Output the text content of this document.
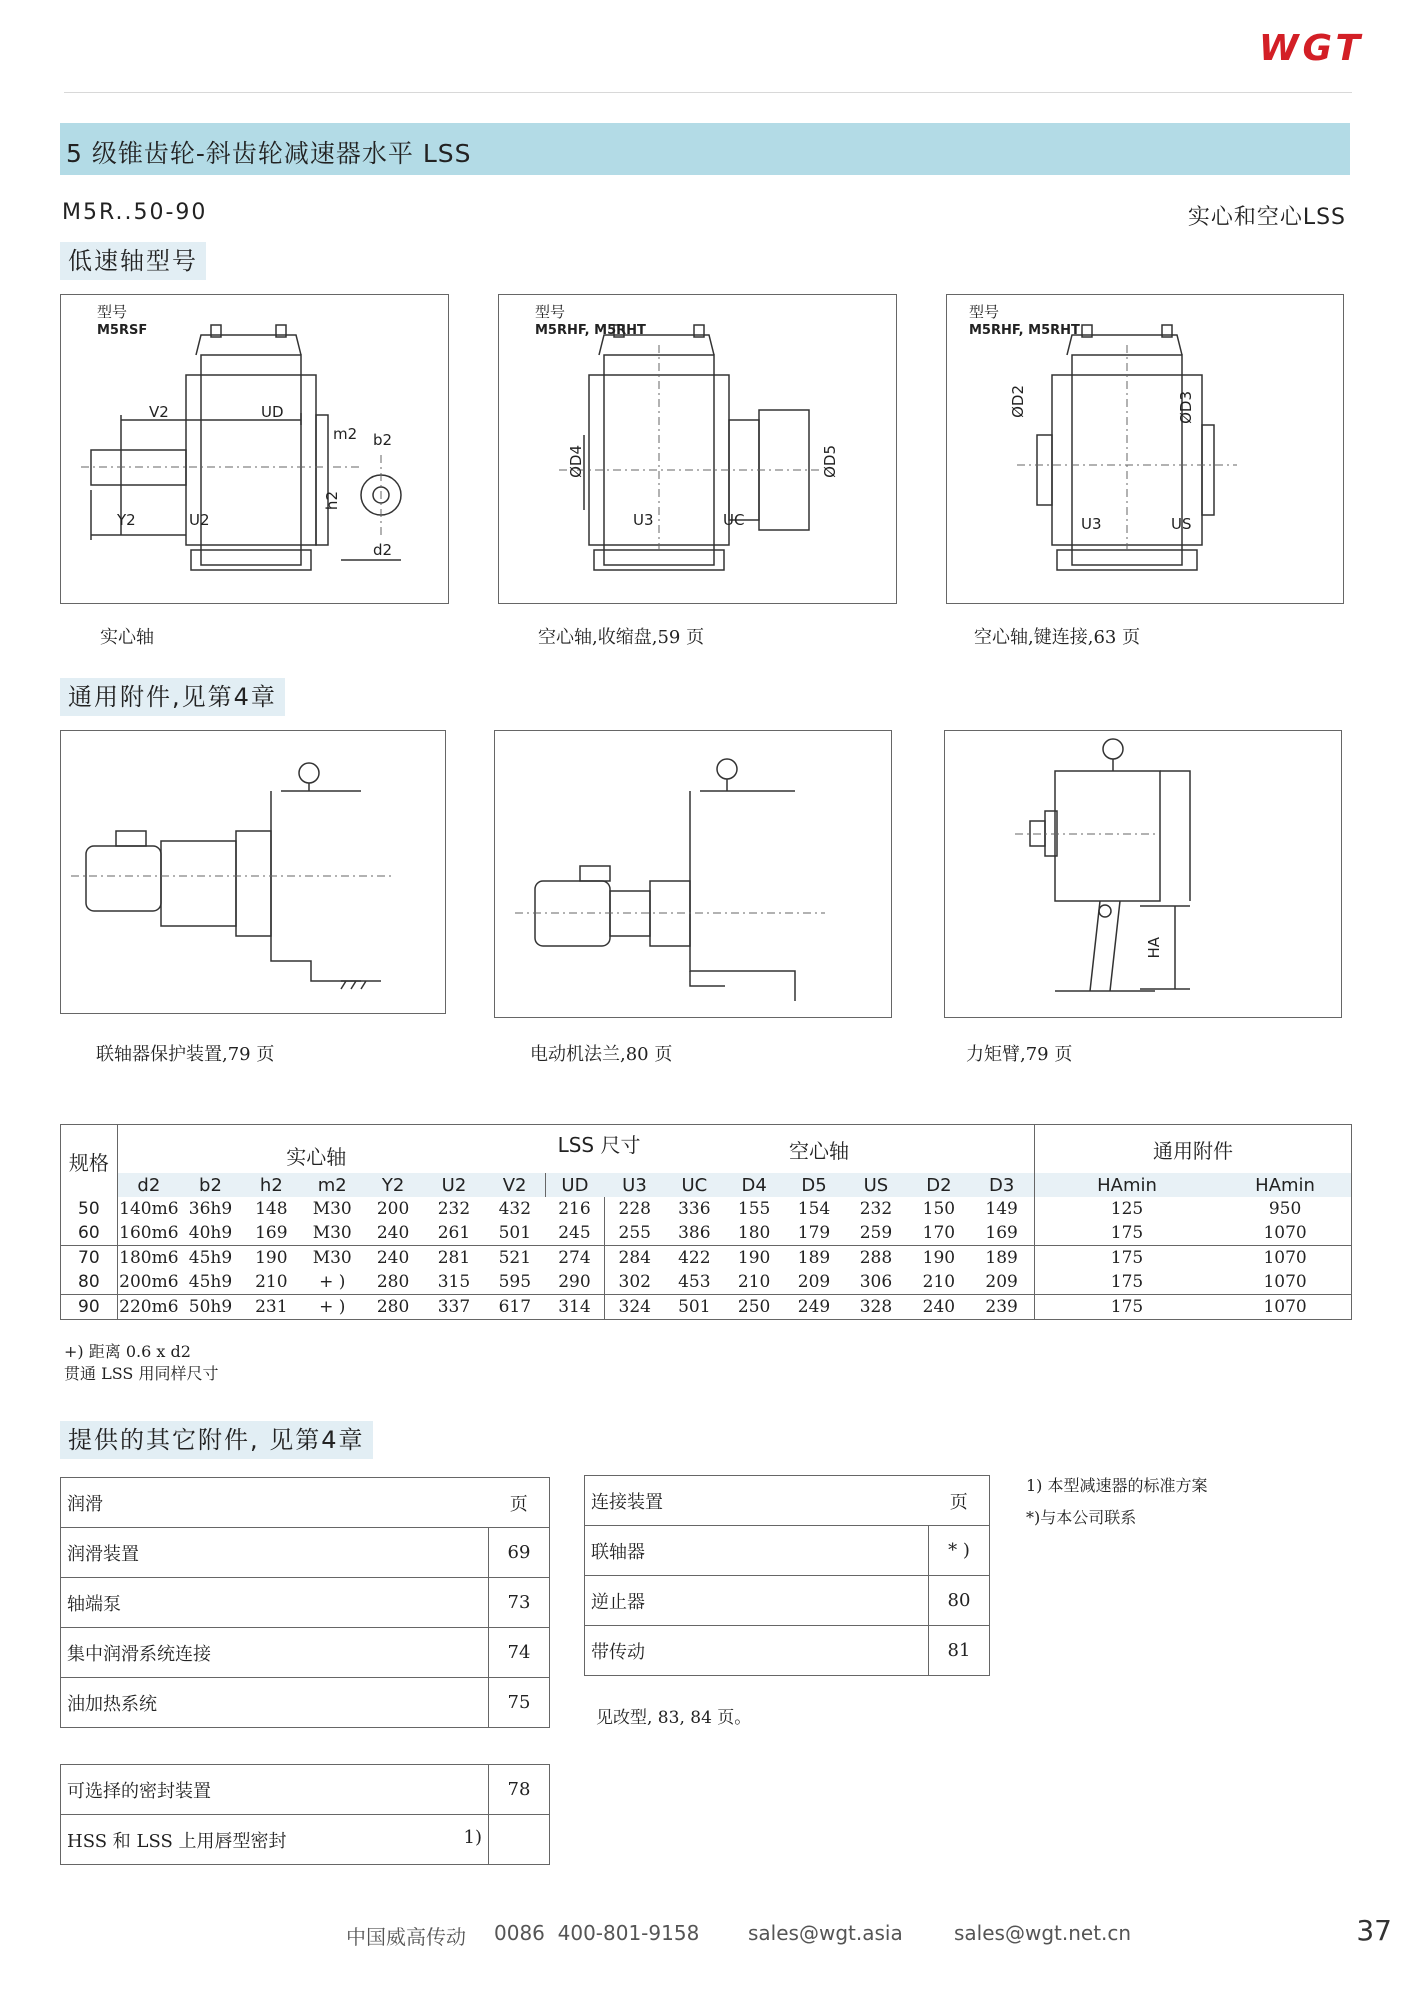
WGT
5 级锥齿轮-斜齿轮减速器水平 LSS
M5R..50-90	实心和空心LSS
低速轴型号
型号
M5RSF
V2	UD
m2 b2
h2
Y2	U2
d2
实心轴
型号
M5RHF, M5RHT
ØD4	ØD5
U3	UC
空心轴,收缩盘,59 页
型号
M5RHF, M5RHT
ØD2	ØD3
U3	US
空心轴,键连接,63 页
通用附件,见第4章
联轴器保护装置,79 页	电动机法兰,80 页
HA
力矩臂,79 页
规格	实心轴 LSS 尺寸								空心轴							通用附件	
	d2	b2	h2	m2	Y2	U2	V2	UD	U3	UC	D4	D5	US	D2	D3	HAmin	HAmin
50	140m6	36h9	148	M30	200	232	432	216	228	336	155	154	232	150	149	125	950
60	160m6	40h9	169	M30	240	261	501	245	255	386	180	179	259	170	169	175	1070
70	180m6	45h9	190	M30	240	281	521	274	284	422	190	189	288	190	189	175	1070
80	200m6	45h9	210	+ )	280	315	595	290	302	453	210	209	306	210	209	175	1070
90	220m6	50h9	231	+ )	280	337	617	314	324	501	250	249	328	240	239	175	1070
+) 距离 0.6 x d2
贯通 LSS 用同样尺寸
提供的其它附件, 见第4章
润滑	页
润滑装置	69
轴端泵	73
集中润滑系统连接	74
油加热系统	75
可选择的密封装置	78
HSS 和 LSS 上用唇型密封 1)	

连接装置	页
联轴器	* )
逆止器	80
带传动	81
见改型, 83, 84 页。
1) 本型减速器的标准方案
*)与本公司联系
中国威高传动 0086  400-801-9158 sales@wgt.asia	sales@wgt.net.cn	37
